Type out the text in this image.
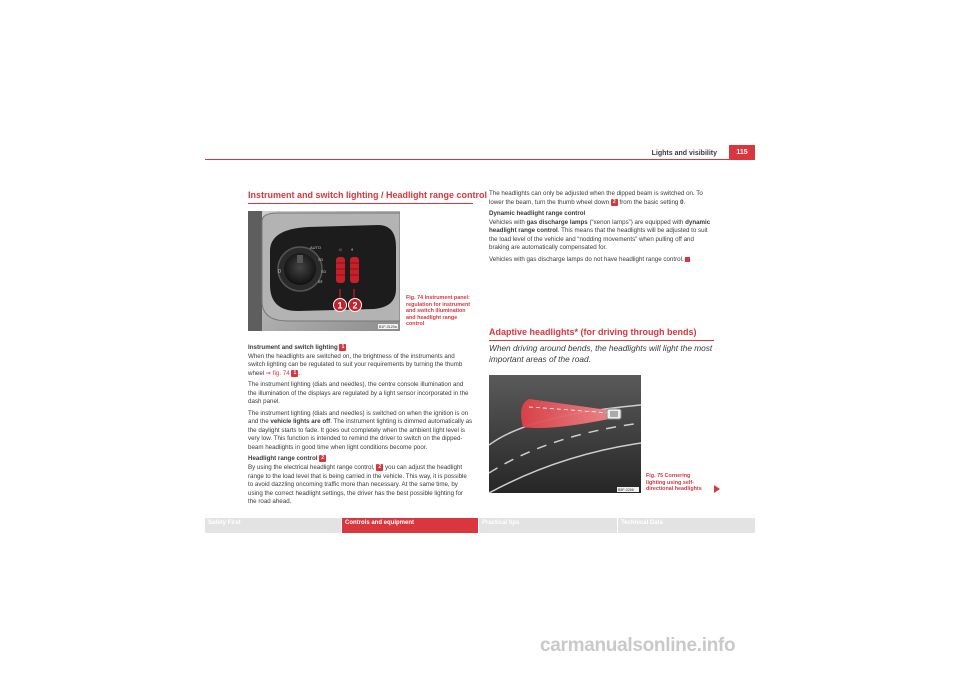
Lights and visibility	115
Instrument and switch lighting / Headlight range control
AUTO
0
≡D
≡D
0≢
☼ ◐
1 2
B1F-0120a
Fig. 74 Instrument panel: regulation for instrument and switch illumination and headlight range control

Instrument and switch lighting 1
When the headlights are switched on, the brightness of the instruments and switch lighting can be regulated to suit your requirements by turning the thumb wheel ⇒ fig. 74 1 .

The instrument lighting (dials and needles), the centre console illumination and the illumination of the displays are regulated by a light sensor incorporated in the dash panel.

The instrument lighting (dials and needles) is switched on when the ignition is on and the vehicle lights are off. The instrument lighting is dimmed automatically as the daylight starts to fade. It goes out completely when the ambient light level is very low. This function is intended to remind the driver to switch on the dipped-beam headlights in good time when light conditions become poor.

Headlight range control 2
By using the electrical headlight range control, 2 you can adjust the headlight range to the load level that is being carried in the vehicle. This way, it is possible to avoid dazzling oncoming traffic more than necessary. At the same time, by using the correct headlight settings, the driver has the best possible lighting for the road ahead.

The headlights can only be adjusted when the dipped beam is switched on. To lower the beam, turn the thumb wheel down 2 from the basic setting 0.

Dynamic headlight range control
Vehicles with gas discharge lamps (“xenon lamps”) are equipped with dynamic headlight range control. This means that the headlights will be adjusted to suit the load level of the vehicle and “nodding movements” when pulling off and braking are automatically compensated for.

Vehicles with gas discharge lamps do not have headlight range control.

Adaptive headlights* (for driving through bends)
When driving around bends, the headlights will light the most important areas of the road.
B5F-0266
Fig. 75 Cornering lighting using self-directional headlights
Safety First	Controls and equipment	Practical tips	Technical Data
carmanualsonline.info
